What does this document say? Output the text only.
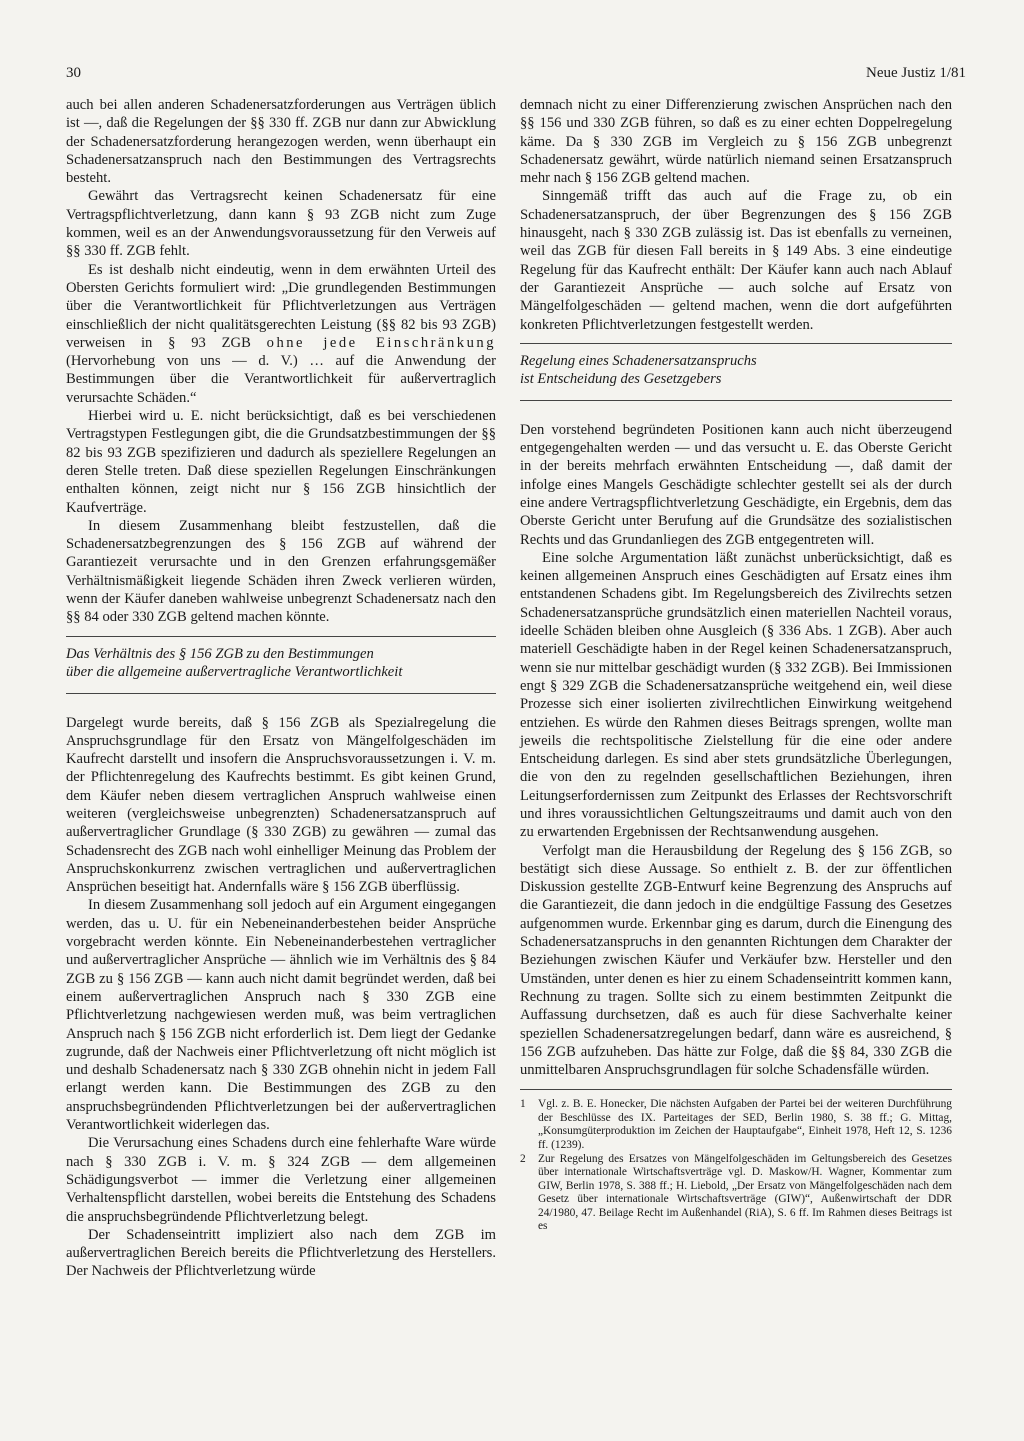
30	Neue Justiz 1/81

auch bei allen anderen Schadenersatzforderungen aus Verträgen üblich ist —, daß die Regelungen der §§ 330 ff. ZGB nur dann zur Abwicklung der Schadenersatzforderung herangezogen werden, wenn überhaupt ein Schadenersatzanspruch nach den Bestimmungen des Vertragsrechts besteht.

Gewährt das Vertragsrecht keinen Schadenersatz für eine Vertragspflichtverletzung, dann kann § 93 ZGB nicht zum Zuge kommen, weil es an der Anwendungsvoraussetzung für den Verweis auf §§ 330 ff. ZGB fehlt.

Es ist deshalb nicht eindeutig, wenn in dem erwähnten Urteil des Obersten Gerichts formuliert wird: „Die grundlegenden Bestimmungen über die Verantwortlichkeit für Pflichtverletzungen aus Verträgen einschließlich der nicht qualitätsgerechten Leistung (§§ 82 bis 93 ZGB) verweisen in § 93 ZGB ohne jede Einschränkung (Hervorhebung von uns — d. V.) … auf die Anwendung der Bestimmungen über die Verantwortlichkeit für außervertraglich verursachte Schäden.“

Hierbei wird u. E. nicht berücksichtigt, daß es bei verschiedenen Vertragstypen Festlegungen gibt, die die Grundsatzbestimmungen der §§ 82 bis 93 ZGB spezifizieren und dadurch als speziellere Regelungen an deren Stelle treten. Daß diese speziellen Regelungen Einschränkungen enthalten können, zeigt nicht nur § 156 ZGB hinsichtlich der Kaufverträge.

In diesem Zusammenhang bleibt festzustellen, daß die Schadenersatzbegrenzungen des § 156 ZGB auf während der Garantiezeit verursachte und in den Grenzen erfahrungsgemäßer Verhältnismäßigkeit liegende Schäden ihren Zweck verlieren würden, wenn der Käufer daneben wahlweise unbegrenzt Schadenersatz nach den §§ 84 oder 330 ZGB geltend machen könnte.

Das Verhältnis des § 156 ZGB zu den Bestimmungen
über die allgemeine außervertragliche Verantwortlichkeit

Dargelegt wurde bereits, daß § 156 ZGB als Spezialregelung die Anspruchsgrundlage für den Ersatz von Mängelfolgeschäden im Kaufrecht darstellt und insofern die Anspruchsvoraussetzungen i. V. m. der Pflichtenregelung des Kaufrechts bestimmt. Es gibt keinen Grund, dem Käufer neben diesem vertraglichen Anspruch wahlweise einen weiteren (vergleichsweise unbegrenzten) Schadenersatzanspruch auf außervertraglicher Grundlage (§ 330 ZGB) zu gewähren — zumal das Schadensrecht des ZGB nach wohl einhelliger Meinung das Problem der Anspruchskonkurrenz zwischen vertraglichen und außervertraglichen Ansprüchen beseitigt hat. Andernfalls wäre § 156 ZGB überflüssig.

In diesem Zusammenhang soll jedoch auf ein Argument eingegangen werden, das u. U. für ein Nebeneinanderbestehen beider Ansprüche vorgebracht werden könnte. Ein Nebeneinanderbestehen vertraglicher und außervertraglicher Ansprüche — ähnlich wie im Verhältnis des § 84 ZGB zu § 156 ZGB — kann auch nicht damit begründet werden, daß bei einem außervertraglichen Anspruch nach § 330 ZGB eine Pflichtverletzung nachgewiesen werden muß, was beim vertraglichen Anspruch nach § 156 ZGB nicht erforderlich ist. Dem liegt der Gedanke zugrunde, daß der Nachweis einer Pflichtverletzung oft nicht möglich ist und deshalb Schadenersatz nach § 330 ZGB ohnehin nicht in jedem Fall erlangt werden kann. Die Bestimmungen des ZGB zu den anspruchsbegründenden Pflichtverletzungen bei der außervertraglichen Verantwortlichkeit widerlegen das.

Die Verursachung eines Schadens durch eine fehlerhafte Ware würde nach § 330 ZGB i. V. m. § 324 ZGB — dem allgemeinen Schädigungsverbot — immer die Verletzung einer allgemeinen Verhaltenspflicht darstellen, wobei bereits die Entstehung des Schadens die anspruchsbegründende Pflichtverletzung belegt.

Der Schadenseintritt impliziert also nach dem ZGB im außervertraglichen Bereich bereits die Pflichtverletzung des Herstellers. Der Nachweis der Pflichtverletzung würde

demnach nicht zu einer Differenzierung zwischen Ansprüchen nach den §§ 156 und 330 ZGB führen, so daß es zu einer echten Doppelregelung käme. Da § 330 ZGB im Vergleich zu § 156 ZGB unbegrenzt Schadenersatz gewährt, würde natürlich niemand seinen Ersatzanspruch mehr nach § 156 ZGB geltend machen.

Sinngemäß trifft das auch auf die Frage zu, ob ein Schadenersatzanspruch, der über Begrenzungen des § 156 ZGB hinausgeht, nach § 330 ZGB zulässig ist. Das ist ebenfalls zu verneinen, weil das ZGB für diesen Fall bereits in § 149 Abs. 3 eine eindeutige Regelung für das Kaufrecht enthält: Der Käufer kann auch nach Ablauf der Garantiezeit Ansprüche — auch solche auf Ersatz von Mängelfolgeschäden — geltend machen, wenn die dort aufgeführten konkreten Pflichtverletzungen festgestellt werden.

Regelung eines Schadenersatzanspruchs
ist Entscheidung des Gesetzgebers

Den vorstehend begründeten Positionen kann auch nicht überzeugend entgegengehalten werden — und das versucht u. E. das Oberste Gericht in der bereits mehrfach erwähnten Entscheidung —, daß damit der infolge eines Mangels Geschädigte schlechter gestellt sei als der durch eine andere Vertragspflichtverletzung Geschädigte, ein Ergebnis, dem das Oberste Gericht unter Berufung auf die Grundsätze des sozialistischen Rechts und das Grundanliegen des ZGB entgegentreten will.

Eine solche Argumentation läßt zunächst unberücksichtigt, daß es keinen allgemeinen Anspruch eines Geschädigten auf Ersatz eines ihm entstandenen Schadens gibt. Im Regelungsbereich des Zivilrechts setzen Schadenersatzansprüche grundsätzlich einen materiellen Nachteil voraus, ideelle Schäden bleiben ohne Ausgleich (§ 336 Abs. 1 ZGB). Aber auch materiell Geschädigte haben in der Regel keinen Schadenersatzanspruch, wenn sie nur mittelbar geschädigt wurden (§ 332 ZGB). Bei Immissionen engt § 329 ZGB die Schadenersatzansprüche weitgehend ein, weil diese Prozesse sich einer isolierten zivilrechtlichen Einwirkung weitgehend entziehen. Es würde den Rahmen dieses Beitrags sprengen, wollte man jeweils die rechtspolitische Zielstellung für die eine oder andere Entscheidung darlegen. Es sind aber stets grundsätzliche Überlegungen, die von den zu regelnden gesellschaftlichen Beziehungen, ihren Leitungserfordernissen zum Zeitpunkt des Erlasses der Rechtsvorschrift und ihres voraussichtlichen Geltungszeitraums und damit auch von den zu erwartenden Ergebnissen der Rechtsanwendung ausgehen.

Verfolgt man die Herausbildung der Regelung des § 156 ZGB, so bestätigt sich diese Aussage. So enthielt z. B. der zur öffentlichen Diskussion gestellte ZGB-Entwurf keine Begrenzung des Anspruchs auf die Garantiezeit, die dann jedoch in die endgültige Fassung des Gesetzes aufgenommen wurde. Erkennbar ging es darum, durch die Einengung des Schadenersatzanspruchs in den genannten Richtungen dem Charakter der Beziehungen zwischen Käufer und Verkäufer bzw. Hersteller und den Umständen, unter denen es hier zu einem Schadenseintritt kommen kann, Rechnung zu tragen. Sollte sich zu einem bestimmten Zeitpunkt die Auffassung durchsetzen, daß es auch für diese Sachverhalte keiner speziellen Schadenersatzregelungen bedarf, dann wäre es ausreichend, § 156 ZGB aufzuheben. Das hätte zur Folge, daß die §§ 84, 330 ZGB die unmittelbaren Anspruchsgrundlagen für solche Schadensfälle würden.

1	Vgl. z. B. E. Honecker, Die nächsten Aufgaben der Partei bei der weiteren Durchführung der Beschlüsse des IX. Parteitages der SED, Berlin 1980, S. 38 ff.; G. Mittag, „Konsumgüterproduktion im Zeichen der Hauptaufgabe“, Einheit 1978, Heft 12, S. 1236 ff. (1239).
2	Zur Regelung des Ersatzes von Mängelfolgeschäden im Geltungsbereich des Gesetzes über internationale Wirtschaftsverträge vgl. D. Maskow/H. Wagner, Kommentar zum GIW, Berlin 1978, S. 388 ff.; H. Liebold, „Der Ersatz von Mängelfolgeschäden nach dem Gesetz über internationale Wirtschaftsverträge (GIW)“, Außenwirtschaft der DDR 24/1980, 47. Beilage Recht im Außenhandel (RiA), S. 6 ff. Im Rahmen dieses Beitrags ist es
